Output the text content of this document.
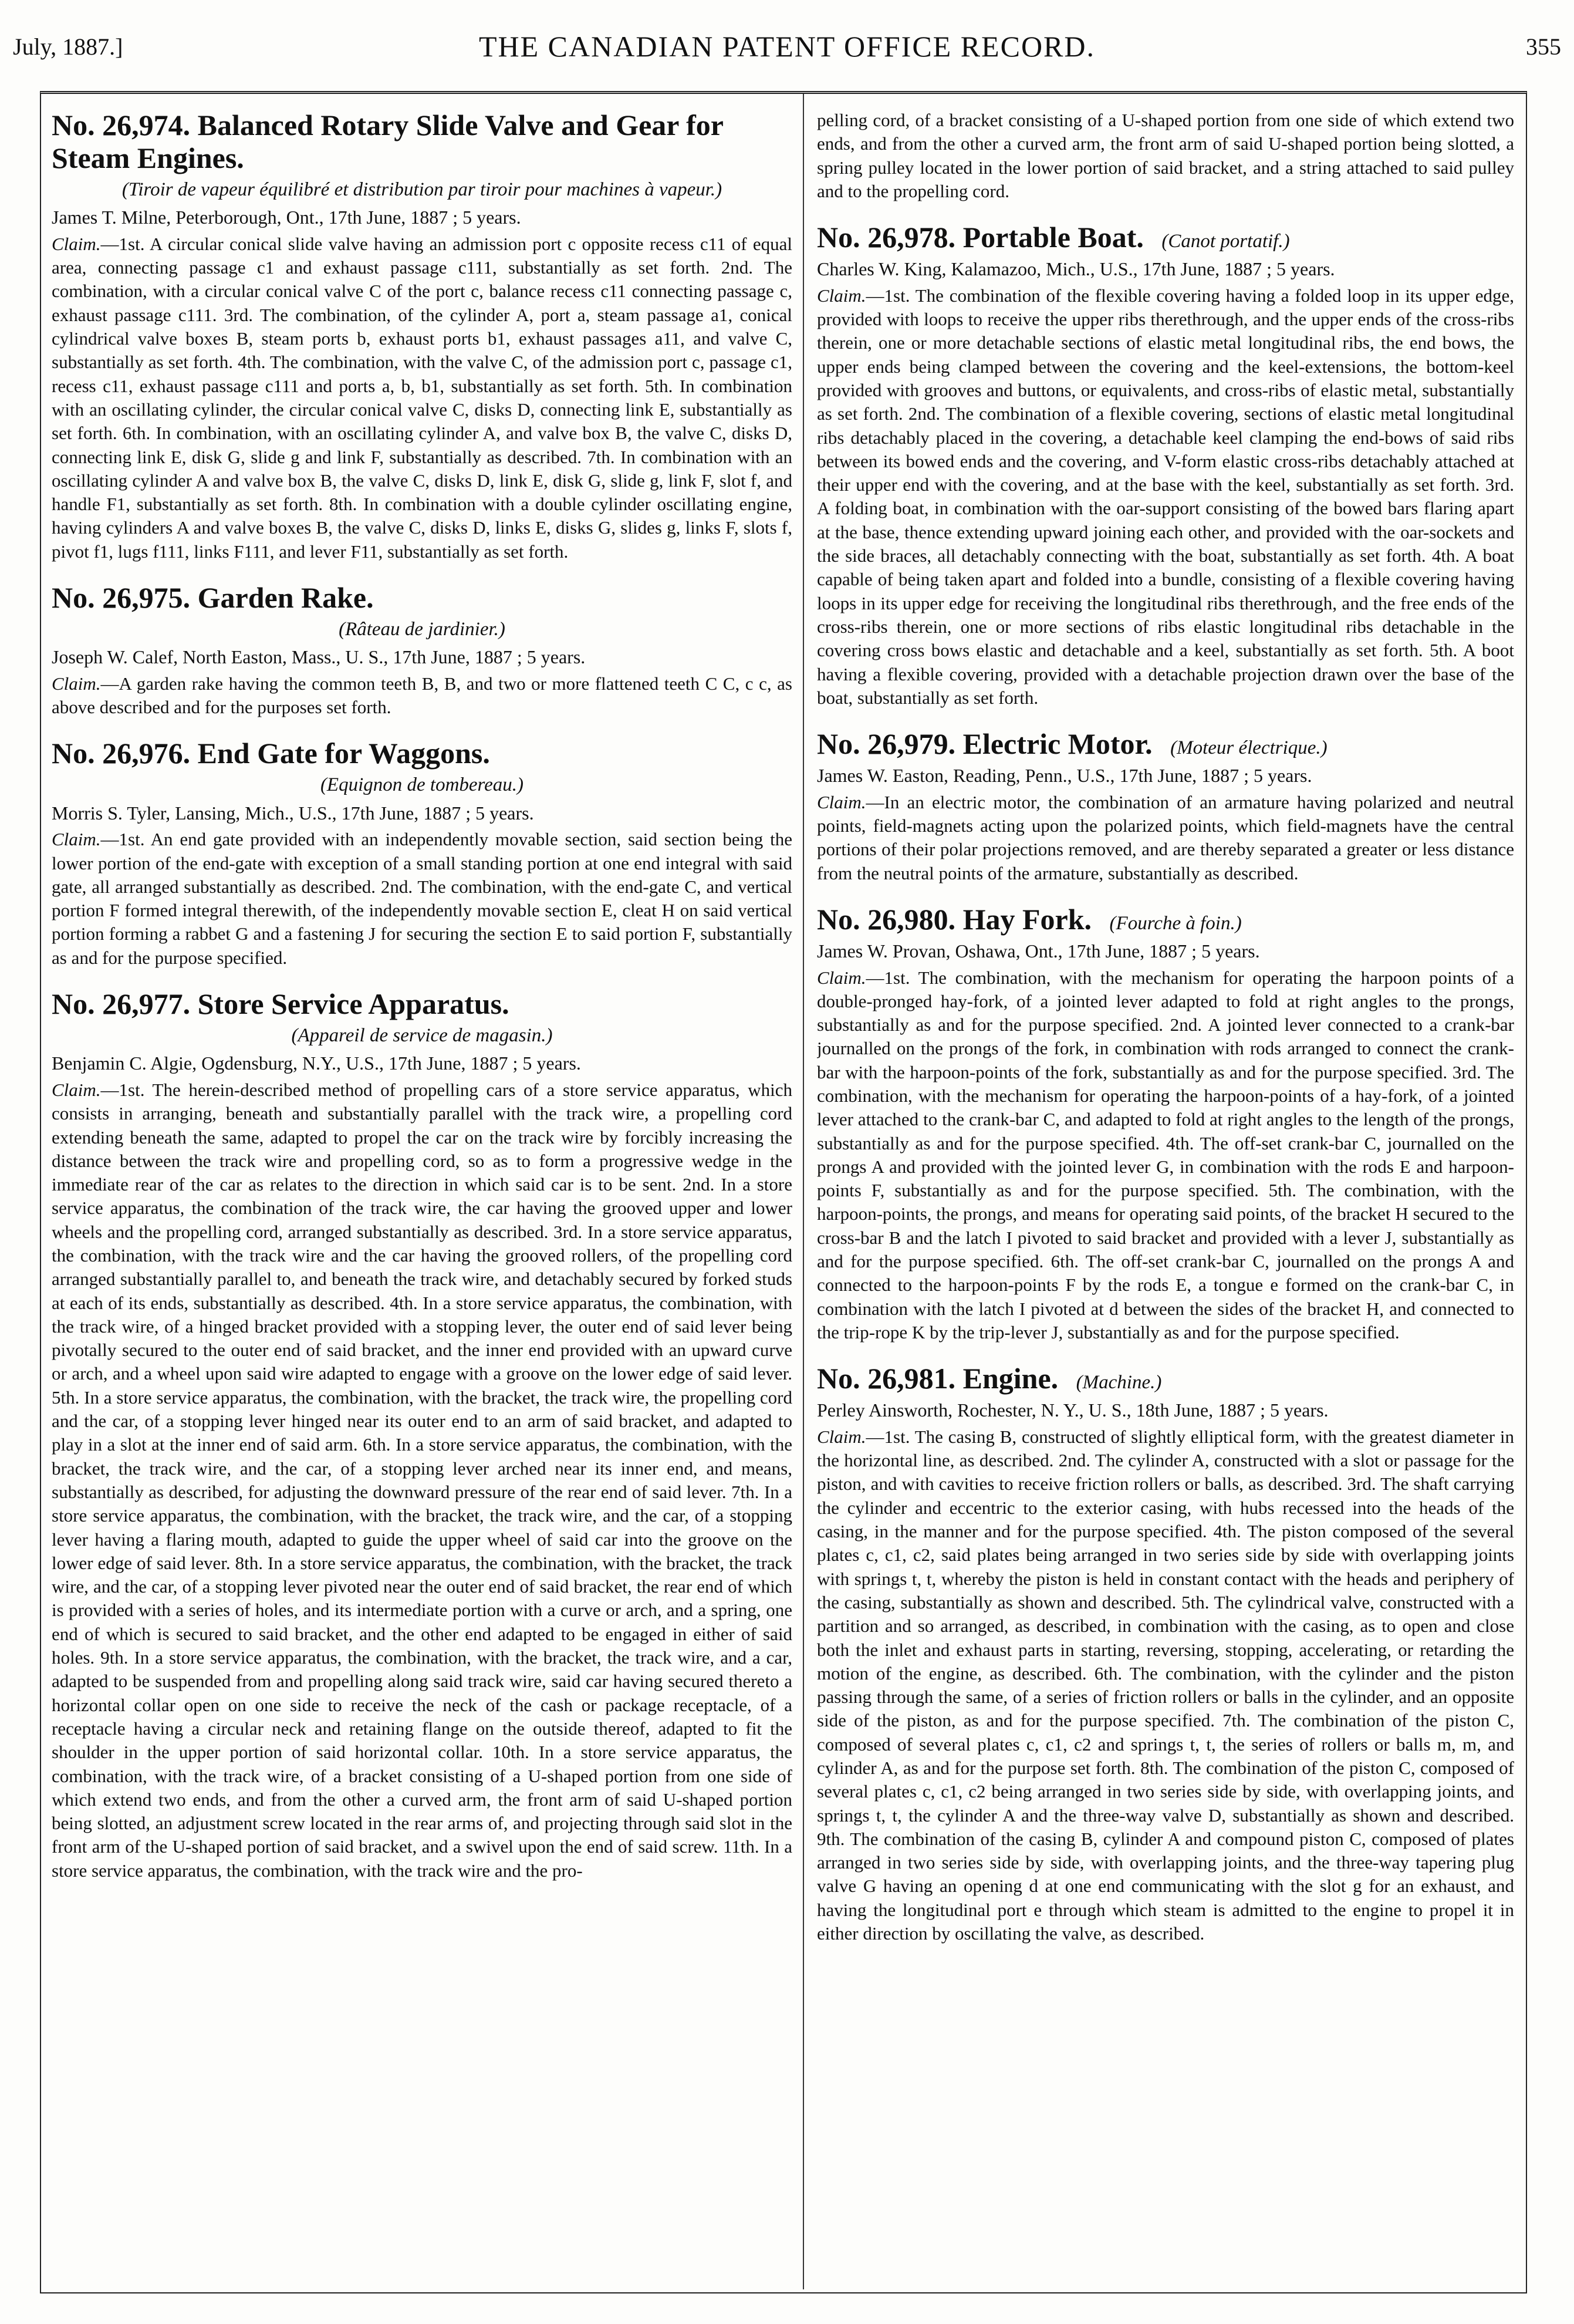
July, 1887.]	THE CANADIAN PATENT OFFICE RECORD.	355
No. 26,974. Balanced Rotary Slide Valve and Gear for Steam Engines.
(Tiroir de vapeur équilibré et distribution par tiroir pour machines à vapeur.)
James T. Milne, Peterborough, Ont., 17th June, 1887 ; 5 years.

Claim.—1st. A circular conical slide valve having an admission port c opposite recess c11 of equal area, connecting passage c1 and exhaust passage c111, substantially as set forth. 2nd. The combination, with a circular conical valve C of the port c, balance recess c11 connecting passage c, exhaust passage c111. 3rd. The combination, of the cylinder A, port a, steam passage a1, conical cylindrical valve boxes B, steam ports b, exhaust ports b1, exhaust passages a11, and valve C, substantially as set forth. 4th. The combination, with the valve C, of the admission port c, passage c1, recess c11, exhaust passage c111 and ports a, b, b1, substantially as set forth. 5th. In combination with an oscillating cylinder, the circular conical valve C, disks D, connecting link E, substantially as set forth. 6th. In combination, with an oscillating cylinder A, and valve box B, the valve C, disks D, connecting link E, disk G, slide g and link F, substantially as described. 7th. In combination with an oscillating cylinder A and valve box B, the valve C, disks D, link E, disk G, slide g, link F, slot f, and handle F1, substantially as set forth. 8th. In combination with a double cylinder oscillating engine, having cylinders A and valve boxes B, the valve C, disks D, links E, disks G, slides g, links F, slots f, pivot f1, lugs f111, links F111, and lever F11, substantially as set forth.

No. 26,975. Garden Rake.
(Râteau de jardinier.)
Joseph W. Calef, North Easton, Mass., U. S., 17th June, 1887 ; 5 years.

Claim.—A garden rake having the common teeth B, B, and two or more flattened teeth C C, c c, as above described and for the purposes set forth.

No. 26,976. End Gate for Waggons.
(Equignon de tombereau.)
Morris S. Tyler, Lansing, Mich., U.S., 17th June, 1887 ; 5 years.

Claim.—1st. An end gate provided with an independently movable section, said section being the lower portion of the end-gate with exception of a small standing portion at one end integral with said gate, all arranged substantially as described. 2nd. The combination, with the end-gate C, and vertical portion F formed integral therewith, of the independently movable section E, cleat H on said vertical portion forming a rabbet G and a fastening J for securing the section E to said portion F, substantially as and for the purpose specified.

No. 26,977. Store Service Apparatus.
(Appareil de service de magasin.)
Benjamin C. Algie, Ogdensburg, N.Y., U.S., 17th June, 1887 ; 5 years.

Claim.—1st. The herein-described method of propelling cars of a store service apparatus, which consists in arranging, beneath and substantially parallel with the track wire, a propelling cord extending beneath the same, adapted to propel the car on the track wire by forcibly increasing the distance between the track wire and propelling cord, so as to form a progressive wedge in the immediate rear of the car as relates to the direction in which said car is to be sent. 2nd. In a store service apparatus, the combination of the track wire, the car having the grooved upper and lower wheels and the propelling cord, arranged substantially as described. 3rd. In a store service apparatus, the combination, with the track wire and the car having the grooved rollers, of the propelling cord arranged substantially parallel to, and beneath the track wire, and detachably secured by forked studs at each of its ends, substantially as described. 4th. In a store service apparatus, the combination, with the track wire, of a hinged bracket provided with a stopping lever, the outer end of said lever being pivotally secured to the outer end of said bracket, and the inner end provided with an upward curve or arch, and a wheel upon said wire adapted to engage with a groove on the lower edge of said lever. 5th. In a store service apparatus, the combination, with the bracket, the track wire, the propelling cord and the car, of a stopping lever hinged near its outer end to an arm of said bracket, and adapted to play in a slot at the inner end of said arm. 6th. In a store service apparatus, the combination, with the bracket, the track wire, and the car, of a stopping lever arched near its inner end, and means, substantially as described, for adjusting the downward pressure of the rear end of said lever. 7th. In a store service apparatus, the combination, with the bracket, the track wire, and the car, of a stopping lever having a flaring mouth, adapted to guide the upper wheel of said car into the groove on the lower edge of said lever. 8th. In a store service apparatus, the combination, with the bracket, the track wire, and the car, of a stopping lever pivoted near the outer end of said bracket, the rear end of which is provided with a series of holes, and its intermediate portion with a curve or arch, and a spring, one end of which is secured to said bracket, and the other end adapted to be engaged in either of said holes. 9th. In a store service apparatus, the combination, with the bracket, the track wire, and a car, adapted to be suspended from and propelling along said track wire, said car having secured thereto a horizontal collar open on one side to receive the neck of the cash or package receptacle, of a receptacle having a circular neck and retaining flange on the outside thereof, adapted to fit the shoulder in the upper portion of said horizontal collar. 10th. In a store service apparatus, the combination, with the track wire, of a bracket consisting of a U-shaped portion from one side of which extend two ends, and from the other a curved arm, the front arm of said U-shaped portion being slotted, an adjustment screw located in the rear arms of, and projecting through said slot in the front arm of the U-shaped portion of said bracket, and a swivel upon the end of said screw. 11th. In a store service apparatus, the combination, with the track wire and the pro-

pelling cord, of a bracket consisting of a U-shaped portion from one side of which extend two ends, and from the other a curved arm, the front arm of said U-shaped portion being slotted, a spring pulley located in the lower portion of said bracket, and a string attached to said pulley and to the propelling cord.

No. 26,978. Portable Boat. (Canot portatif.)
Charles W. King, Kalamazoo, Mich., U.S., 17th June, 1887 ; 5 years.

Claim.—1st. The combination of the flexible covering having a folded loop in its upper edge, provided with loops to receive the upper ribs therethrough, and the upper ends of the cross-ribs therein, one or more detachable sections of elastic metal longitudinal ribs, the end bows, the upper ends being clamped between the covering and the keel-extensions, the bottom-keel provided with grooves and buttons, or equivalents, and cross-ribs of elastic metal, substantially as set forth. 2nd. The combination of a flexible covering, sections of elastic metal longitudinal ribs detachably placed in the covering, a detachable keel clamping the end-bows of said ribs between its bowed ends and the covering, and V-form elastic cross-ribs detachably attached at their upper end with the covering, and at the base with the keel, substantially as set forth. 3rd. A folding boat, in combination with the oar-support consisting of the bowed bars flaring apart at the base, thence extending upward joining each other, and provided with the oar-sockets and the side braces, all detachably connecting with the boat, substantially as set forth. 4th. A boat capable of being taken apart and folded into a bundle, consisting of a flexible covering having loops in its upper edge for receiving the longitudinal ribs therethrough, and the free ends of the cross-ribs therein, one or more sections of ribs elastic longitudinal ribs detachable in the covering cross bows elastic and detachable and a keel, substantially as set forth. 5th. A boot having a flexible covering, provided with a detachable projection drawn over the base of the boat, substantially as set forth.

No. 26,979. Electric Motor. (Moteur électrique.)
James W. Easton, Reading, Penn., U.S., 17th June, 1887 ; 5 years.

Claim.—In an electric motor, the combination of an armature having polarized and neutral points, field-magnets acting upon the polarized points, which field-magnets have the central portions of their polar projections removed, and are thereby separated a greater or less distance from the neutral points of the armature, substantially as described.

No. 26,980. Hay Fork. (Fourche à foin.)
James W. Provan, Oshawa, Ont., 17th June, 1887 ; 5 years.

Claim.—1st. The combination, with the mechanism for operating the harpoon points of a double-pronged hay-fork, of a jointed lever adapted to fold at right angles to the prongs, substantially as and for the purpose specified. 2nd. A jointed lever connected to a crank-bar journalled on the prongs of the fork, in combination with rods arranged to connect the crank-bar with the harpoon-points of the fork, substantially as and for the purpose specified. 3rd. The combination, with the mechanism for operating the harpoon-points of a hay-fork, of a jointed lever attached to the crank-bar C, and adapted to fold at right angles to the length of the prongs, substantially as and for the purpose specified. 4th. The off-set crank-bar C, journalled on the prongs A and provided with the jointed lever G, in combination with the rods E and harpoon-points F, substantially as and for the purpose specified. 5th. The combination, with the harpoon-points, the prongs, and means for operating said points, of the bracket H secured to the cross-bar B and the latch I pivoted to said bracket and provided with a lever J, substantially as and for the purpose specified. 6th. The off-set crank-bar C, journalled on the prongs A and connected to the harpoon-points F by the rods E, a tongue e formed on the crank-bar C, in combination with the latch I pivoted at d between the sides of the bracket H, and connected to the trip-rope K by the trip-lever J, substantially as and for the purpose specified.

No. 26,981. Engine. (Machine.)
Perley Ainsworth, Rochester, N. Y., U. S., 18th June, 1887 ; 5 years.

Claim.—1st. The casing B, constructed of slightly elliptical form, with the greatest diameter in the horizontal line, as described. 2nd. The cylinder A, constructed with a slot or passage for the piston, and with cavities to receive friction rollers or balls, as described. 3rd. The shaft carrying the cylinder and eccentric to the exterior casing, with hubs recessed into the heads of the casing, in the manner and for the purpose specified. 4th. The piston composed of the several plates c, c1, c2, said plates being arranged in two series side by side with overlapping joints with springs t, t, whereby the piston is held in constant contact with the heads and periphery of the casing, substantially as shown and described. 5th. The cylindrical valve, constructed with a partition and so arranged, as described, in combination with the casing, as to open and close both the inlet and exhaust parts in starting, reversing, stopping, accelerating, or retarding the motion of the engine, as described. 6th. The combination, with the cylinder and the piston passing through the same, of a series of friction rollers or balls in the cylinder, and an opposite side of the piston, as and for the purpose specified. 7th. The combination of the piston C, composed of several plates c, c1, c2 and springs t, t, the series of rollers or balls m, m, and cylinder A, as and for the purpose set forth. 8th. The combination of the piston C, composed of several plates c, c1, c2 being arranged in two series side by side, with overlapping joints, and springs t, t, the cylinder A and the three-way valve D, substantially as shown and described. 9th. The combination of the casing B, cylinder A and compound piston C, composed of plates arranged in two series side by side, with overlapping joints, and the three-way tapering plug valve G having an opening d at one end communicating with the slot g for an exhaust, and having the longitudinal port e through which steam is admitted to the engine to propel it in either direction by oscillating the valve, as described.
